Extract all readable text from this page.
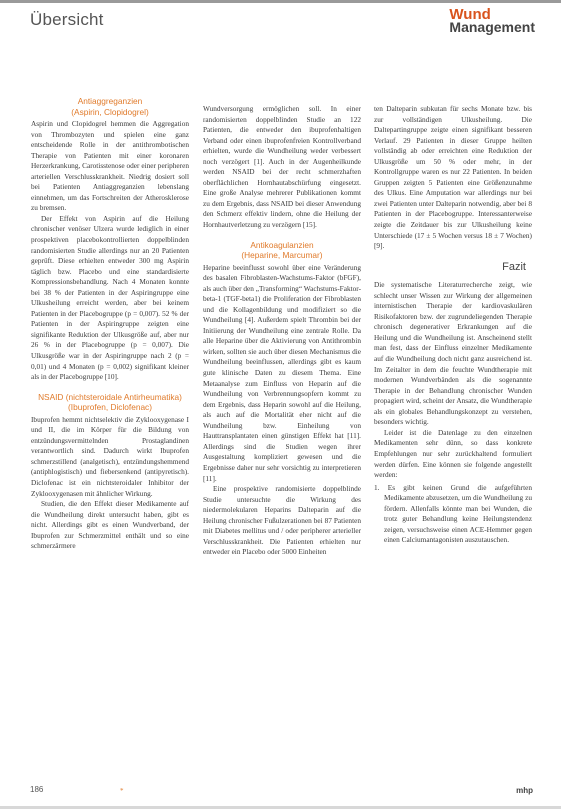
Übersicht	Wund
Management
Antiaggreganzien
(Aspirin, Clopidogrel)

Aspirin und Clopidogrel hemmen die Aggregation von Thrombozyten und spielen eine ganz entscheidende Rolle in der antithrombotischen Therapie von Patienten mit einer koronaren Herzerkrankung, Carotisstenose oder einer peripheren arteriellen Verschlusskrankheit. Niedrig dosiert soll bei Patienten Antiaggreganzien lebenslang einnehmen, um das Fortschreiten der Atherosklerose zu bremsen.

Der Effekt von Aspirin auf die Heilung chronischer venöser Ulzera wurde lediglich in einer prospektiven placebokontrollierten doppelblinden randomisierten Studie allerdings nur an 20 Patienten geprüft. Diese erhielten entweder 300 mg Aspirin täglich bzw. Placebo und eine standardisierte Kompressionsbehandlung. Nach 4 Monaten konnte bei 38 % der Patienten in der Aspiringruppe eine Ulkusheilung erreicht werden, aber bei keinem Patienten in der Placebogruppe (p = 0,007). 52 % der Patienten in der Aspiringruppe zeigten eine signifikante Reduktion der Ulkusgröße auf, aber nur 26 % in der Placebogruppe (p = 0,007). Die Ulkusgröße war in der Aspiringruppe nach 2 (p = 0,01) und 4 Monaten (p = 0,002) signifikant kleiner als in der Placebogruppe [10].

NSAID (nichtsteroidale Antirheumatika) (Ibuprofen, Diclofenac)

Ibuprofen hemmt nichtselektiv die Zyklooxygenase I und II, die im Körper für die Bildung von entzündungsvermittelnden Prostaglandinen verantwortlich sind. Dadurch wirkt Ibuprofen schmerzstillend (analgetisch), entzündungshemmend (antiphlogistisch) und fiebersenkend (antipyretisch). Diclofenac ist ein nichtsteroidaler Inhibitor der Zyklooxygenasen mit ähnlicher Wirkung.

Studien, die den Effekt dieser Medikamente auf die Wundheilung direkt untersucht haben, gibt es nicht. Allerdings gibt es einen Wundverband, der Ibuprofen zur Schmerzmittel enthält und so eine schmerzärmere

Wundversorgung ermöglichen soll. In einer randomisierten doppelblinden Studie an 122 Patienten, die entweder den ibuprofenhaltigen Verband oder einen ibuprofenfreien Kontrollverband erhielten, wurde die Wundheilung weder verbessert noch verzögert [1]. Auch in der Augenheilkunde werden NSAID bei der recht schmerzhaften oberflächlichen Hornhautabschürfung eingesetzt. Eine große Analyse mehrerer Publikationen kommt zu dem Ergebnis, dass NSAID bei dieser Anwendung den Schmerz effektiv lindern, ohne die Heilung der Hornhautverletzung zu verzögern [15].

Antikoagulanzien
(Heparine, Marcumar)

Heparine beeinflusst sowohl über eine Veränderung des basalen Fibroblasten-Wachstums-Faktor (bFGF), als auch über den „Transforming“ Wachstums-Faktor-beta-1 (TGF-beta1) die Proliferation der Fibroblasten und die Kollagenbildung und modifiziert so die Wundheilung [4]. Außerdem spielt Thrombin bei der Initiierung der Wundheilung eine zentrale Rolle. Da alle Heparine über die Aktivierung von Antithrombin wirken, sollten sie auch über diesen Mechanismus die Wundheilung beeinflussen, allerdings gibt es kaum gute klinische Daten zu diesem Thema. Eine Metaanalyse zum Einfluss von Heparin auf die Wundheilung von Verbrennungsopfern kommt zu dem Ergebnis, dass Heparin sowohl auf die Heilung, als auch auf die Mortalität eher nicht auf die Wundheilung bzw. Einheilung von Hauttransplantaten einen günstigen Effekt hat [11]. Allerdings sind die Studien wegen ihrer Ausgestaltung kompliziert gewesen und die Ergebnisse daher nur sehr vorsichtig zu interpretieren [11].

Eine prospektive randomisierte doppelblinde Studie untersuchte die Wirkung des niedermolekularen Heparins Dalteparin auf die Heilung chronischer Fußulzerationen bei 87 Patienten mit Diabetes mellitus und / oder peripherer arterieller Verschlusskrankheit. Die Patienten erhielten nur entweder ein Placebo oder 5000 Einheiten

ten Dalteparin subkutan für sechs Monate bzw. bis zur vollständigen Ulkusheilung. Die Daltepartingruppe zeigte einen signifikant besseren Verlauf. 29 Patienten in dieser Gruppe heilten vollständig ab oder erreichten eine Reduktion der Ulkusgröße um 50 % oder mehr, in der Kontrollgruppe waren es nur 22 Patienten. In beiden Gruppen zeigten 5 Patienten eine Größenzunahme des Ulkus. Eine Amputation war allerdings nur bei zwei Patienten unter Dalteparin notwendig, aber bei 8 Patienten in der Placebogruppe. Interessanterweise zeigte die Zeitdauer bis zur Ulkusheilung keine Unterschiede (17 ± 5 Wochen versus 18 ± 7 Wochen) [9].

Fazit

Die systematische Literaturrecherche zeigt, wie schlecht unser Wissen zur Wirkung der allgemeinen internistischen Therapie der kardiovaskulären Risikofaktoren bzw. der zugrundeliegenden Therapie chronisch degenerativer Erkrankungen auf die Heilung und die Wundheilung ist. Anscheinend stellt man fest, dass der Einfluss einzelner Medikamente auf die Wundheilung doch nicht ganz ausreichend ist. Im Zeitalter in dem die feuchte Wundtherapie mit modernen Wundverbänden als die sogenannte Therapie in der Behandlung chronischer Wunden propagiert wird, scheint der Ansatz, die Wundtherapie als ein globales Behandlungskonzept zu verstehen, besonders wichtig.

Leider ist die Datenlage zu den einzelnen Medikamenten sehr dünn, so dass konkrete Empfehlungen nur sehr zurückhaltend formuliert werden dürfen. Eine können sie folgende angestellt werden:

1. Es gibt keinen Grund die aufgeführten Medikamente abzusetzen, um die Wundheilung zu fördern. Allenfalls könnte man bei Wunden, die trotz guter Behandlung keine Heilungstendenz zeigen, versuchsweise einen ACE-Hemmer gegen einen Calciumantagonisten auszutauschen.
186	*	mhp
